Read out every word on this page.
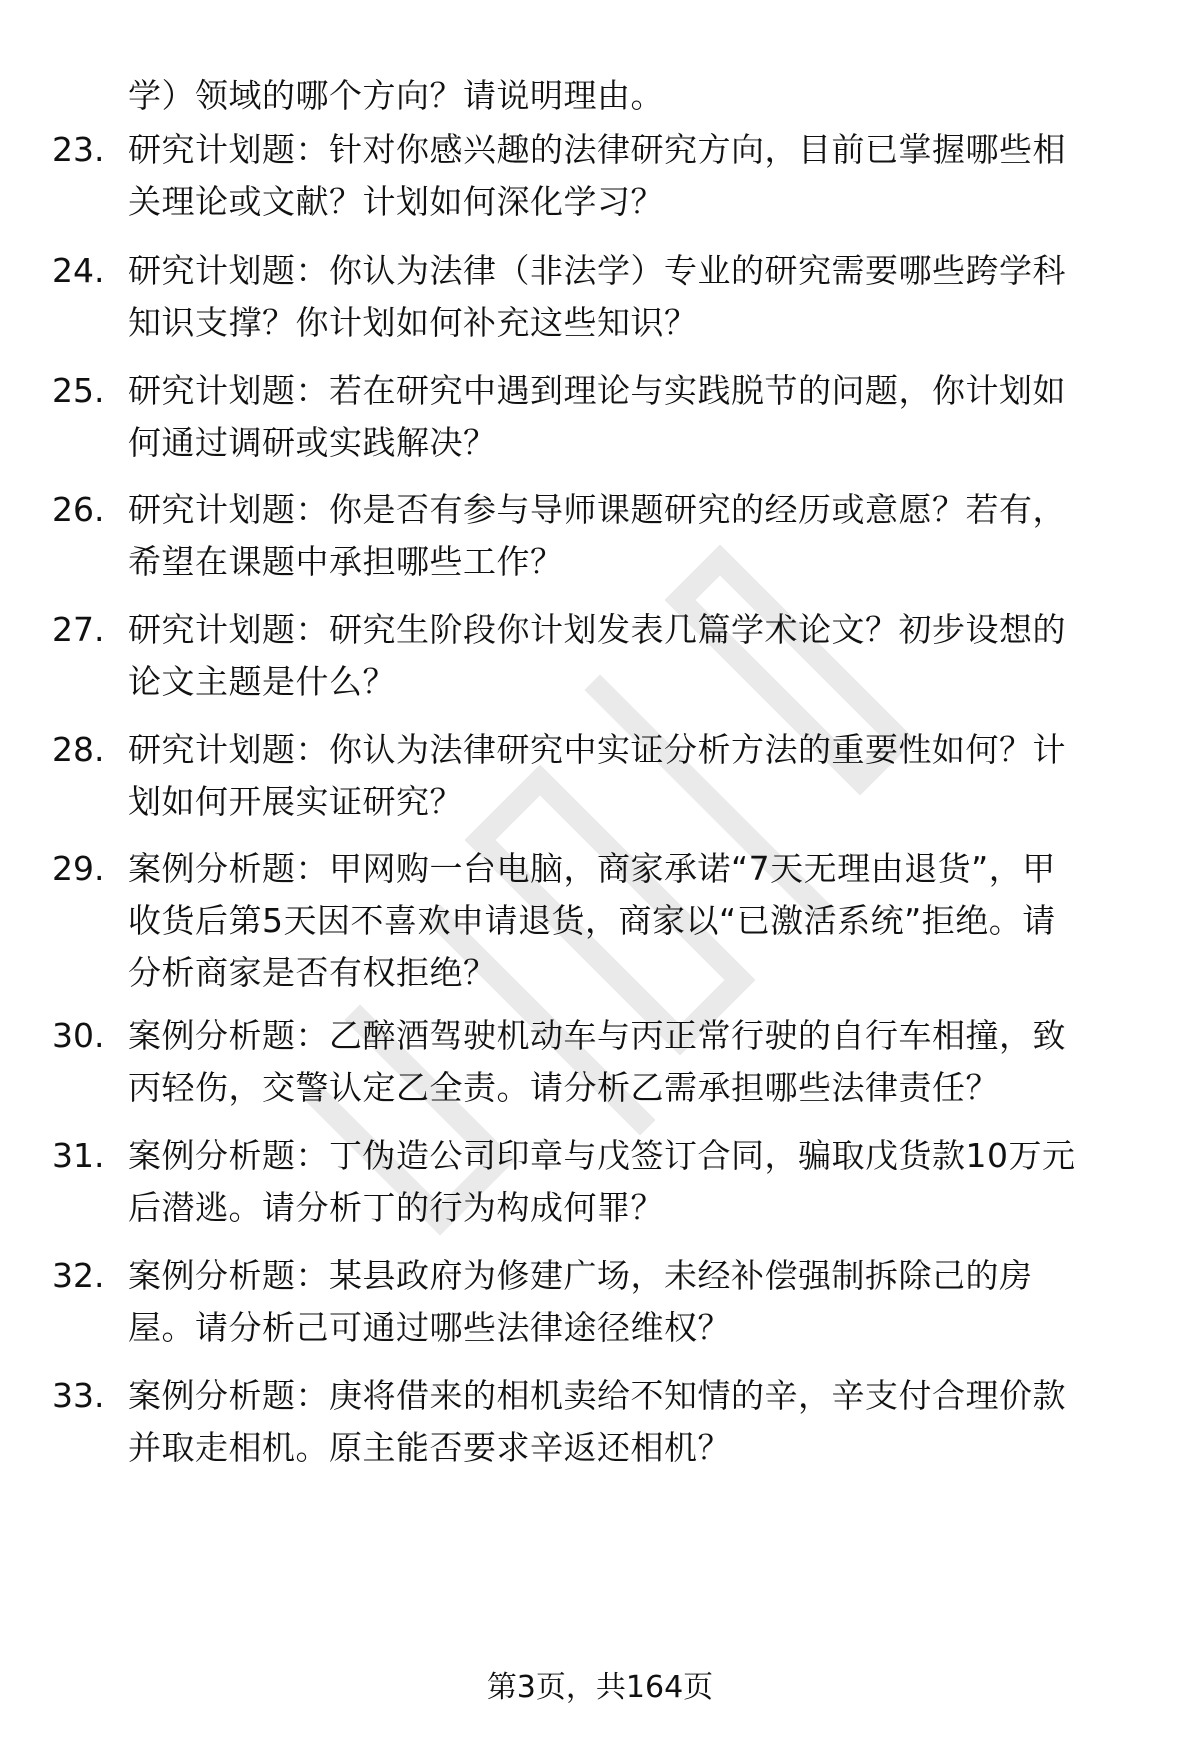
学）领域的哪个方向？请说明理由。
23. 研究计划题：针对你感兴趣的法律研究方向，目前已掌握哪些相
关理论或文献？计划如何深化学习？
24. 研究计划题：你认为法律（非法学）专业的研究需要哪些跨学科
知识支撑？你计划如何补充这些知识？
25. 研究计划题：若在研究中遇到理论与实践脱节的问题，你计划如
何通过调研或实践解决？
26. 研究计划题：你是否有参与导师课题研究的经历或意愿？若有，
希望在课题中承担哪些工作？
27. 研究计划题：研究生阶段你计划发表几篇学术论文？初步设想的
论文主题是什么？
28. 研究计划题：你认为法律研究中实证分析方法的重要性如何？计
划如何开展实证研究？
29. 案例分析题：甲网购一台电脑，商家承诺“7天无理由退货”，甲
收货后第5天因不喜欢申请退货，商家以“已激活系统”拒绝。请
分析商家是否有权拒绝？
30. 案例分析题：乙醉酒驾驶机动车与丙正常行驶的自行车相撞，致
丙轻伤，交警认定乙全责。请分析乙需承担哪些法律责任？
31. 案例分析题：丁伪造公司印章与戊签订合同，骗取戊货款10万元
后潜逃。请分析丁的行为构成何罪？
32. 案例分析题：某县政府为修建广场，未经补偿强制拆除己的房
屋。请分析己可通过哪些法律途径维权？
33. 案例分析题：庚将借来的相机卖给不知情的辛，辛支付合理价款
并取走相机。原主能否要求辛返还相机？
第3页，共164页
